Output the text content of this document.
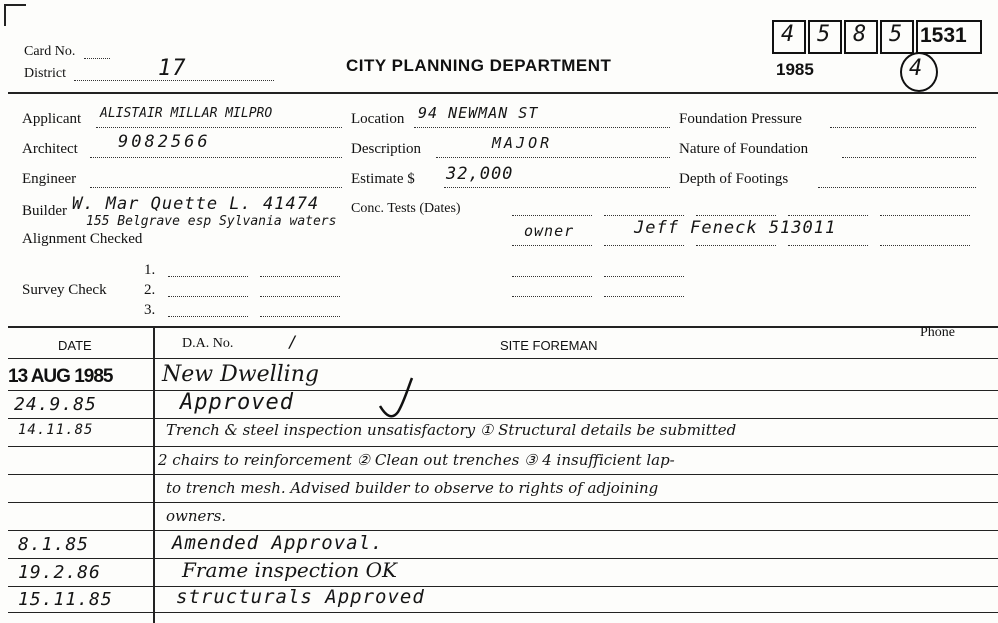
Card No.
District	17	CITY PLANNING DEPARTMENT
4 5 8 5 1531
1985	4
Applicant ALISTAIR MILLAR MILPRO
Architect 9082566
Engineer
Builder W. Mar Quette L. 41474
155 Belgrave esp Sylvania waters
Alignment Checked
Location 94 NEWMAN ST
Description	MAJOR
Estimate $ 32,000
Conc. Tests (Dates)
owner	Jeff Feneck 513011
Foundation Pressure
Nature of Foundation
Depth of Footings
1.
Survey Check 2.
3.
DATE	D.A. No.	/	SITE FOREMAN
Phone
13 AUG 1985 New Dwelling
24.9.85	Approved
14.11.85	Trench & steel inspection unsatisfactory ① Structural details be submitted
2 chairs to reinforcement ② Clean out trenches ③ 4 insufficient lap-
to trench mesh. Advised builder to observe to rights of adjoining
owners.
8.1.85	Amended Approval.
19.2.86	Frame inspection OK
15.11.85	structurals Approved
